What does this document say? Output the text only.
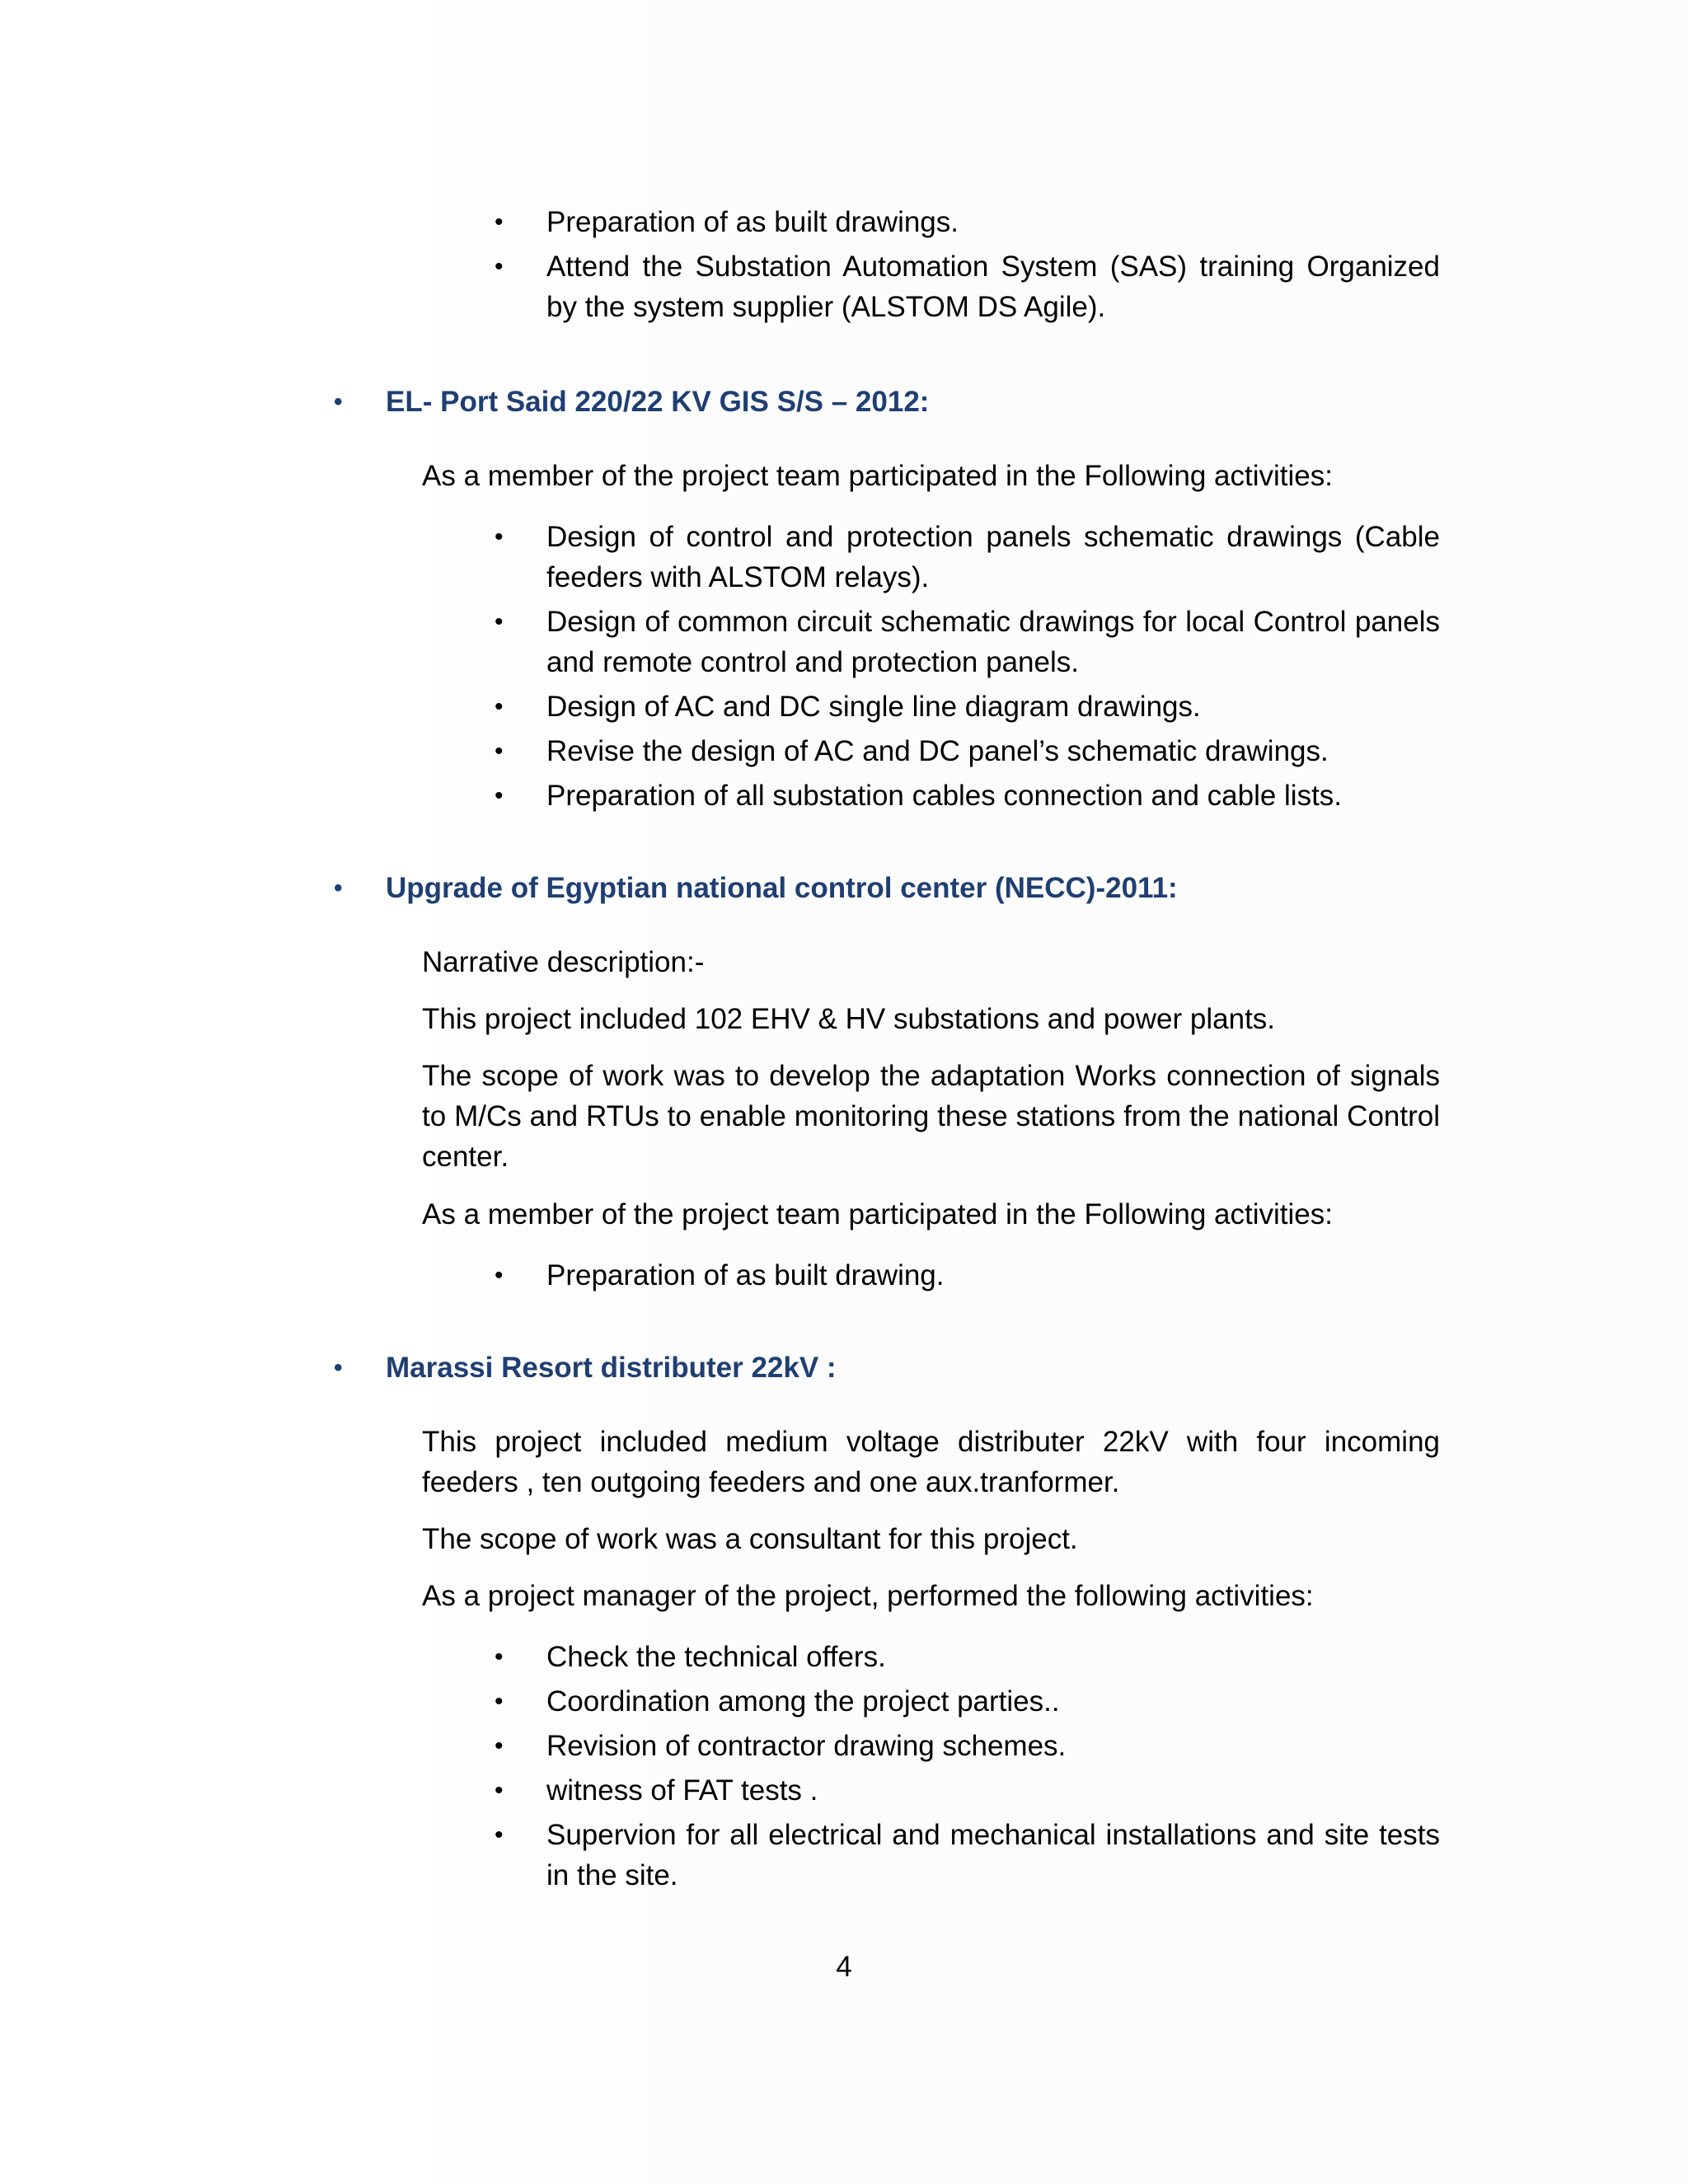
•	Preparation of as built drawings.
•	Attend the Substation Automation System (SAS) training Organized by the system supplier (ALSTOM DS Agile).
• EL- Port Said 220/22 KV GIS S/S – 2012:

As a member of the project team participated in the Following activities:

•	Design of control and protection panels schematic drawings (Cable feeders with ALSTOM relays).
•	Design of common circuit schematic drawings for local Control panels and remote control and protection panels.
•	Design of AC and DC single line diagram drawings.
•	Revise the design of AC and DC panel’s schematic drawings.
•	Preparation of all substation cables connection and cable lists.
• Upgrade of Egyptian national control center (NECC)-2011:

Narrative description:-

This project included 102 EHV & HV substations and power plants.

The scope of work was to develop the adaptation Works connection of signals to M/Cs and RTUs to enable monitoring these stations from the national Control center.

As a member of the project team participated in the Following activities:

•	Preparation of as built drawing.
• Marassi Resort distributer 22kV :

This project included medium voltage distributer 22kV with four incoming feeders , ten outgoing feeders and one aux.tranformer.

The scope of work was a consultant for this project.

As a project manager of the project, performed the following activities:

•	Check the technical offers.
•	Coordination among the project parties..
•	Revision of contractor drawing schemes.
•	witness of FAT tests .
•	Supervion for all electrical and mechanical installations and site tests in the site.
4
